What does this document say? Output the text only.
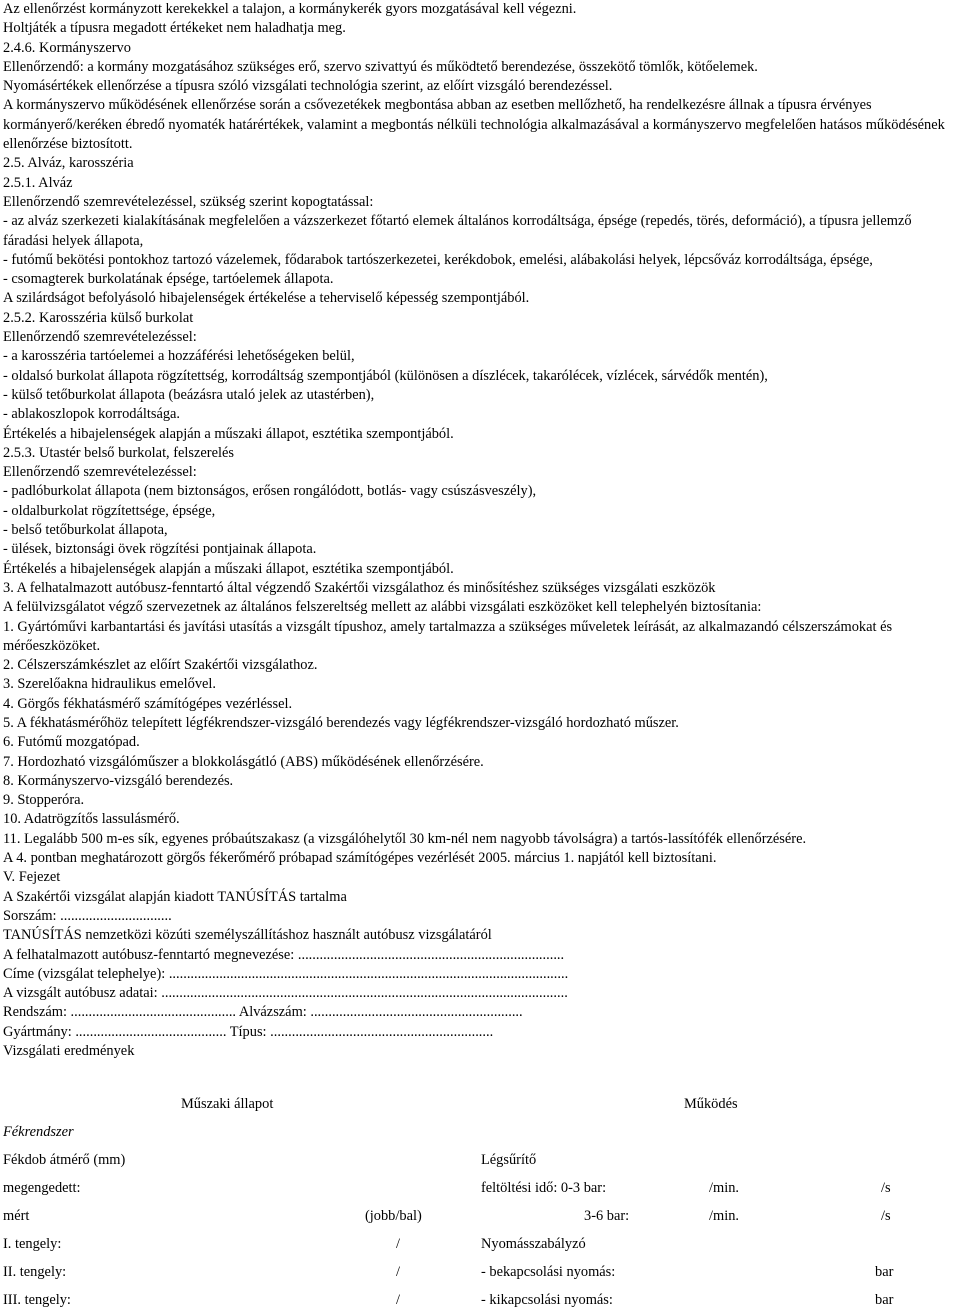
Az ellenőrzést kormányzott kerekekkel a talajon, a kormánykerék gyors mozgatásával kell végezni.
Holtjáték a típusra megadott értékeket nem haladhatja meg.
2.4.6. Kormányszervo
Ellenőrzendő: a kormány mozgatásához szükséges erő, szervo szivattyú és működtető berendezése, összekötő tömlők, kötőelemek.
Nyomásértékek ellenőrzése a típusra szóló vizsgálati technológia szerint, az előírt vizsgáló berendezéssel.
A kormányszervo működésének ellenőrzése során a csővezetékek megbontása abban az esetben mellőzhető, ha rendelkezésre állnak a típusra érvényes kormányerő/keréken ébredő nyomaték határértékek, valamint a megbontás nélküli technológia alkalmazásával a kormányszervo megfelelően hatásos működésének ellenőrzése biztosított.
2.5. Alváz, karosszéria
2.5.1. Alváz
Ellenőrzendő szemrevételezéssel, szükség szerint kopogtatással:
- az alváz szerkezeti kialakításának megfelelően a vázszerkezet főtartó elemek általános korrodáltsága, épsége (repedés, törés, deformáció), a típusra jellemző fáradási helyek állapota,
- futómű bekötési pontokhoz tartozó vázelemek, fődarabok tartószerkezetei, kerékdobok, emelési, alábakolási helyek, lépcsőváz korrodáltsága, épsége,
- csomagterek burkolatának épsége, tartóelemek állapota.
A szilárdságot befolyásoló hibajelenségek értékelése a teherviselő képesség szempontjából.
2.5.2. Karosszéria külső burkolat
Ellenőrzendő szemrevételezéssel:
- a karosszéria tartóelemei a hozzáférési lehetőségeken belül,
- oldalsó burkolat állapota rögzítettség, korrodáltság szempontjából (különösen a díszlécek, takarólécek, vízlécek, sárvédők mentén),
- külső tetőburkolat állapota (beázásra utaló jelek az utastérben),
- ablakoszlopok korrodáltsága.
Értékelés a hibajelenségek alapján a műszaki állapot, esztétika szempontjából.
2.5.3. Utastér belső burkolat, felszerelés
Ellenőrzendő szemrevételezéssel:
- padlóburkolat állapota (nem biztonságos, erősen rongálódott, botlás- vagy csúszásveszély),
- oldalburkolat rögzítettsége, épsége,
- belső tetőburkolat állapota,
- ülések, biztonsági övek rögzítési pontjainak állapota.
Értékelés a hibajelenségek alapján a műszaki állapot, esztétika szempontjából.
3. A felhatalmazott autóbusz-fenntartó által végzendő Szakértői vizsgálathoz és minősítéshez szükséges vizsgálati eszközök
A felülvizsgálatot végző szervezetnek az általános felszereltség mellett az alábbi vizsgálati eszközöket kell telephelyén biztosítania:
1. Gyártóművi karbantartási és javítási utasítás a vizsgált típushoz, amely tartalmazza a szükséges műveletek leírását, az alkalmazandó célszerszámokat és mérőeszközöket.
2. Célszerszámkészlet az előírt Szakértői vizsgálathoz.
3. Szerelőakna hidraulikus emelővel.
4. Görgős fékhatásmérő számítógépes vezérléssel.
5. A fékhatásmérőhöz telepített légfékrendszer-vizsgáló berendezés vagy légfékrendszer-vizsgáló hordozható műszer.
6. Futómű mozgatópad.
7. Hordozható vizsgálóműszer a blokkolásgátló (ABS) működésének ellenőrzésére.
8. Kormányszervo-vizsgáló berendezés.
9. Stopperóra.
10. Adatrögzítős lassulásmérő.
11. Legalább 500 m-es sík, egyenes próbaútszakasz (a vizsgálóhelytől 30 km-nél nem nagyobb távolságra) a tartós-lassítófék ellenőrzésére.
A 4. pontban meghatározott görgős fékerőmérő próbapad számítógépes vezérlését 2005. március 1. napjától kell biztosítani.
V. Fejezet
A Szakértői vizsgálat alapján kiadott TANÚSÍTÁS tartalma
Sorszám: ...............................
TANÚSÍTÁS nemzetközi közúti személyszállításhoz használt autóbusz vizsgálatáról
A felhatalmazott autóbusz-fenntartó megnevezése: ..........................................................................
Címe (vizsgálat telephelye): ...............................................................................................................
A vizsgált autóbusz adatai: .................................................................................................................
Rendszám: .............................................. Alvázszám: ...........................................................
Gyártmány: .......................................... Típus: ..............................................................
Vizsgálati eredmények
Műszaki állapot	Működés
Fékrendszer
Fékdob átmérő (mm)	Légsűrítő
megengedett:	feltöltési idő: 0-3 bar:	/min.	/s
mért	(jobb/bal)	3-6 bar:	/min.	/s
I. tengely:	/	Nyomásszabályzó
II. tengely:	/	- bekapcsolási nyomás:	bar
III. tengely:	/	- kikapcsolási nyomás:	bar
